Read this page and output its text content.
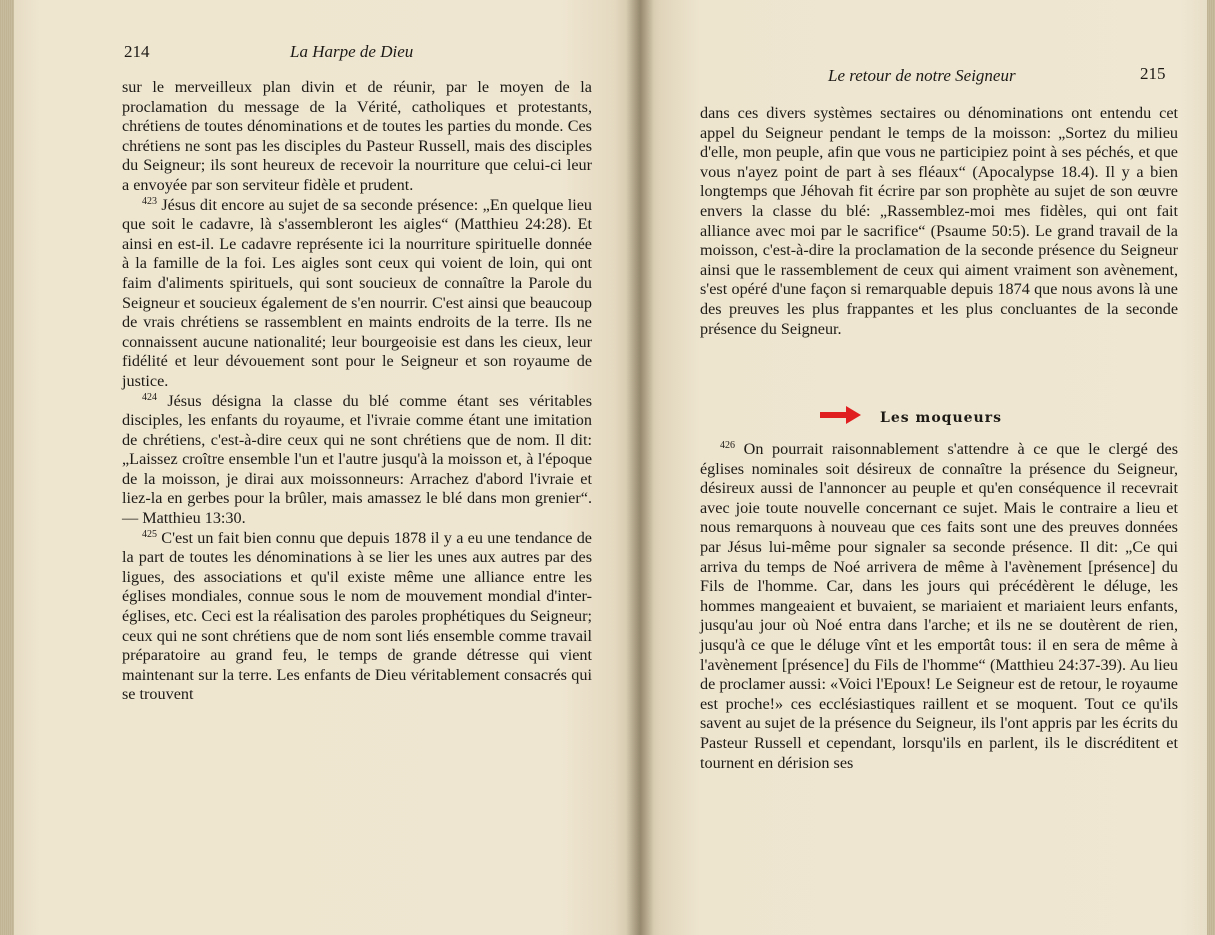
214	La Harpe de Dieu

sur le merveilleux plan divin et de réunir, par le moyen de la proclamation du message de la Vérité, catholiques et protestants, chrétiens de toutes dénominations et de toutes les parties du monde. Ces chrétiens ne sont pas les disciples du Pasteur Russell, mais des disciples du Seigneur; ils sont heureux de recevoir la nourriture que celui-ci leur a envoyée par son serviteur fidèle et prudent.

$^{423}$ Jésus dit encore au sujet de sa seconde présence: „En quelque lieu que soit le cadavre, là s'assembleront les aigles“ (Matthieu 24:28). Et ainsi en est-il. Le cadavre représente ici la nourriture spirituelle donnée à la famille de la foi. Les aigles sont ceux qui voient de loin, qui ont faim d'aliments spirituels, qui sont soucieux de connaître la Parole du Seigneur et soucieux également de s'en nourrir. C'est ainsi que beaucoup de vrais chrétiens se rassemblent en maints endroits de la terre. Ils ne connaissent aucune nationalité; leur bourgeoisie est dans les cieux, leur fidélité et leur dévouement sont pour le Seigneur et son royaume de justice.

$^{424}$ Jésus désigna la classe du blé comme étant ses véritables disciples, les enfants du royaume, et l'ivraie comme étant une imitation de chrétiens, c'est-à-dire ceux qui ne sont chrétiens que de nom. Il dit: „Laissez croître ensemble l'un et l'autre jusqu'à la moisson et, à l'époque de la moisson, je dirai aux moissonneurs: Arrachez d'abord l'ivraie et liez-la en gerbes pour la brûler, mais amassez le blé dans mon grenier“. — Matthieu 13:30.

$^{425}$ C'est un fait bien connu que depuis 1878 il y a eu une tendance de la part de toutes les dénominations à se lier les unes aux autres par des ligues, des associations et qu'il existe même une alliance entre les églises mondiales, connue sous le nom de mouvement mondial d'inter-églises, etc. Ceci est la réalisation des paroles prophétiques du Seigneur; ceux qui ne sont chrétiens que de nom sont liés ensemble comme travail préparatoire au grand feu, le temps de grande détresse qui vient maintenant sur la terre. Les enfants de Dieu véritablement consacrés qui se trouvent

Le retour de notre Seigneur	215

dans ces divers systèmes sectaires ou dénominations ont entendu cet appel du Seigneur pendant le temps de la moisson: „Sortez du milieu d'elle, mon peuple, afin que vous ne participiez point à ses péchés, et que vous n'ayez point de part à ses fléaux“ (Apocalypse 18.4). Il y a bien longtemps que Jéhovah fit écrire par son prophète au sujet de son œuvre envers la classe du blé: „Rassemblez-moi mes fidèles, qui ont fait alliance avec moi par le sacrifice“ (Psaume 50:5). Le grand travail de la moisson, c'est-à-dire la proclamation de la seconde présence du Seigneur ainsi que le rassemblement de ceux qui aiment vraiment son avènement, s'est opéré d'une façon si remarquable depuis 1874 que nous avons là une des preuves les plus frappantes et les plus concluantes de la seconde présence du Seigneur.

Les moqueurs

$^{426}$ On pourrait raisonnablement s'attendre à ce que le clergé des églises nominales soit désireux de connaître la présence du Seigneur, désireux aussi de l'annoncer au peuple et qu'en conséquence il recevrait avec joie toute nouvelle concernant ce sujet. Mais le contraire a lieu et nous remarquons à nouveau que ces faits sont une des preuves données par Jésus lui-même pour signaler sa seconde présence. Il dit: „Ce qui arriva du temps de Noé arrivera de même à l'avènement [présence] du Fils de l'homme. Car, dans les jours qui précédèrent le déluge, les hommes mangeaient et buvaient, se mariaient et mariaient leurs enfants, jusqu'au jour où Noé entra dans l'arche; et ils ne se doutèrent de rien, jusqu'à ce que le déluge vînt et les emportât tous: il en sera de même à l'avènement [présence] du Fils de l'homme“ (Matthieu 24:37-39). Au lieu de proclamer aussi: «Voici l'Epoux! Le Seigneur est de retour, le royaume est proche!» ces ecclésiastiques raillent et se moquent. Tout ce qu'ils savent au sujet de la présence du Seigneur, ils l'ont appris par les écrits du Pasteur Russell et cependant, lorsqu'ils en parlent, ils le discréditent et tournent en dérision ses
